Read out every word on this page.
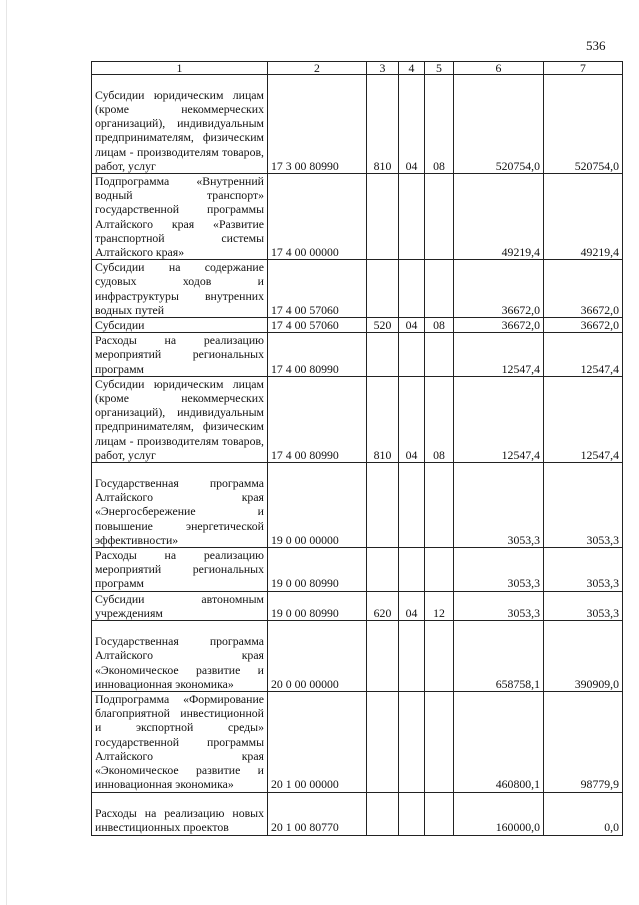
536
1	2	3	4	5	6	7
Субсидии юридическим лицам (кроме некоммерческих организаций), индивидуальным предпринимателям, физическим лицам - производителям товаров, работ, услуг	17 3 00 80990	810	04	08	520754,0	520754,0
Подпрограмма «Внутренний водный транспорт» государственной программы Алтайского края «Развитие транспортной системы Алтайского края»	17 4 00 00000				49219,4	49219,4
Субсидии на содержание судовых ходов и инфраструктуры внутренних водных путей	17 4 00 57060				36672,0	36672,0
Субсидии	17 4 00 57060	520	04	08	36672,0	36672,0
Расходы на реализацию мероприятий региональных программ	17 4 00 80990				12547,4	12547,4
Субсидии юридическим лицам (кроме некоммерческих организаций), индивидуальным предпринимателям, физическим лицам - производителям товаров, работ, услуг	17 4 00 80990	810	04	08	12547,4	12547,4
Государственная программа Алтайского края «Энергосбережение и повышение энергетической эффективности»	19 0 00 00000				3053,3	3053,3
Расходы на реализацию мероприятий региональных программ	19 0 00 80990				3053,3	3053,3
Субсидии автономным учреждениям	19 0 00 80990	620	04	12	3053,3	3053,3
Государственная программа Алтайского края «Экономическое развитие и инновационная экономика»	20 0 00 00000				658758,1	390909,0
Подпрограмма «Формирование благоприятной инвестиционной и экспортной среды» государственной программы Алтайского края «Экономическое развитие и инновационная экономика»	20 1 00 00000				460800,1	98779,9
Расходы на реализацию новых инвестиционных проектов	20 1 00 80770				160000,0	0,0
